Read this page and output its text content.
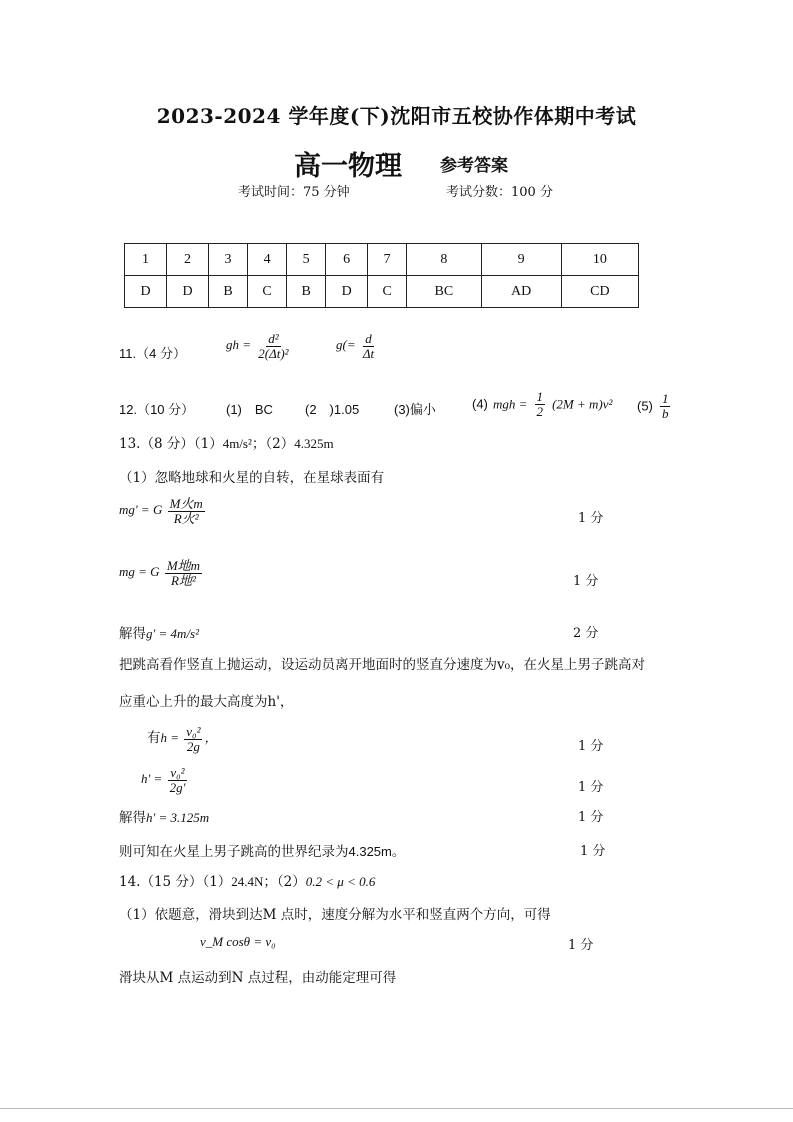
2023-2024 学年度(下)沈阳市五校协作体期中考试
高一物理 参考答案
考试时间：75 分钟	考试分数：100 分
1	2	3	4	5	6	7	8	9	10
D	D	B	C	B	D	C	BC	AD	CD
11.（4 分）
gh = $\frac{\text{d²}}{\text{2(Δt)²}}$	$g(= \frac{d}{\Delta t}$
12.（10 分） (1)　BC (2　)1.05	(3)偏小	(4) mgh = $\frac{1}{2} (2M + m)v^2$ $(5) \frac{1}{b}$
13.（8 分）（1）4m/s²；（2）4.325m
（1）忽略地球和火星的自转，在星球表面有
mg' = G $\frac{\text{M火m}}{\text{R火²}}$	1 分
mg = G $\frac{\text{M地m}}{\text{R地²}}$	1 分
解得g' = 4m/s²	2 分
把跳高看作竖直上抛运动，设运动员离开地面时的竖直分速度为v₀，在火星上男子跳高对
应重心上升的最大高度为h'，
有$h = \frac{\text{v₀²}}{2g}$ ，
1 分
$h' = \frac{\text{v₀²}}{2g'}$	1 分
解得h' = 3.125m	1 分
则可知在火星上男子跳高的世界纪录为4.325m。	1 分
14.（15 分）（1）24.4N；（2）0.2 < μ < 0.6
（1）依题意，滑块到达M 点时，速度分解为水平和竖直两个方向，可得
v_M cosθ = v₀	1 分
滑块从M 点运动到N 点过程，由动能定理可得
